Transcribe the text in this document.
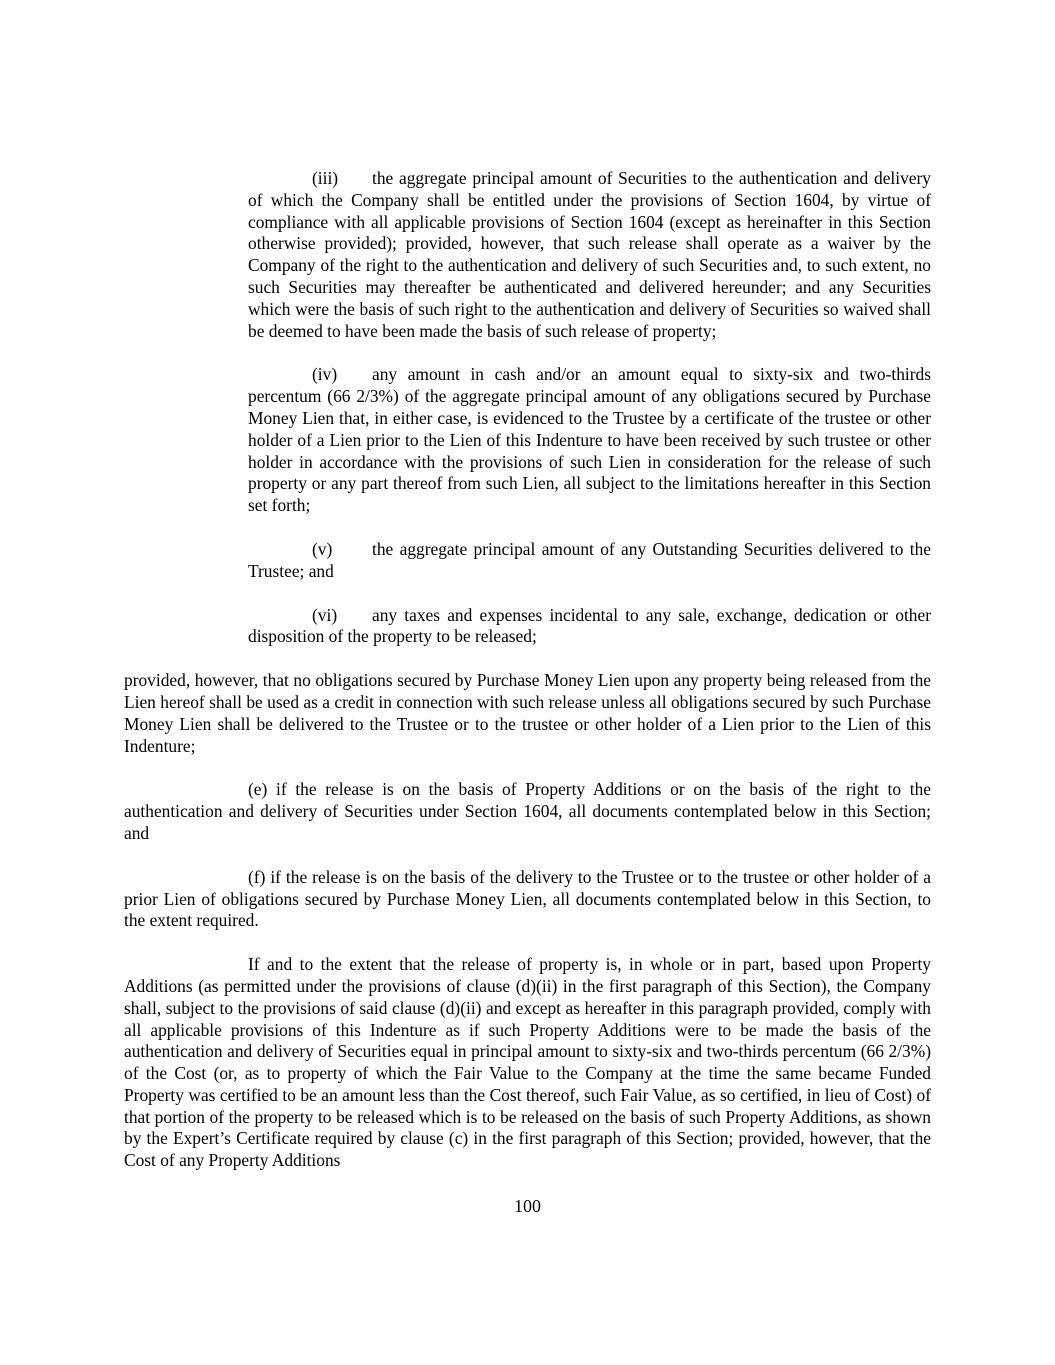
(iii) the aggregate principal amount of Securities to the authentication and delivery of which the Company shall be entitled under the provisions of Section 1604, by virtue of compliance with all applicable provisions of Section 1604 (except as hereinafter in this Section otherwise provided); provided, however, that such release shall operate as a waiver by the Company of the right to the authentication and delivery of such Securities and, to such extent, no such Securities may thereafter be authenticated and delivered hereunder; and any Securities which were the basis of such right to the authentication and delivery of Securities so waived shall be deemed to have been made the basis of such release of property;

(iv) any amount in cash and/or an amount equal to sixty-six and two-thirds percentum (66 2/3%) of the aggregate principal amount of any obligations secured by Purchase Money Lien that, in either case, is evidenced to the Trustee by a certificate of the trustee or other holder of a Lien prior to the Lien of this Indenture to have been received by such trustee or other holder in accordance with the provisions of such Lien in consideration for the release of such property or any part thereof from such Lien, all subject to the limitations hereafter in this Section set forth;

(v) the aggregate principal amount of any Outstanding Securities delivered to the Trustee; and

(vi) any taxes and expenses incidental to any sale, exchange, dedication or other disposition of the property to be released;

provided, however, that no obligations secured by Purchase Money Lien upon any property being released from the Lien hereof shall be used as a credit in connection with such release unless all obligations secured by such Purchase Money Lien shall be delivered to the Trustee or to the trustee or other holder of a Lien prior to the Lien of this Indenture;

(e) if the release is on the basis of Property Additions or on the basis of the right to the authentication and delivery of Securities under Section 1604, all documents contemplated below in this Section; and

(f) if the release is on the basis of the delivery to the Trustee or to the trustee or other holder of a prior Lien of obligations secured by Purchase Money Lien, all documents contemplated below in this Section, to the extent required.

If and to the extent that the release of property is, in whole or in part, based upon Property Additions (as permitted under the provisions of clause (d)(ii) in the first paragraph of this Section), the Company shall, subject to the provisions of said clause (d)(ii) and except as hereafter in this paragraph provided, comply with all applicable provisions of this Indenture as if such Property Additions were to be made the basis of the authentication and delivery of Securities equal in principal amount to sixty-six and two-thirds percentum (66 2/3%) of the Cost (or, as to property of which the Fair Value to the Company at the time the same became Funded Property was certified to be an amount less than the Cost thereof, such Fair Value, as so certified, in lieu of Cost) of that portion of the property to be released which is to be released on the basis of such Property Additions, as shown by the Expert’s Certificate required by clause (c) in the first paragraph of this Section; provided, however, that the Cost of any Property Additions

100
